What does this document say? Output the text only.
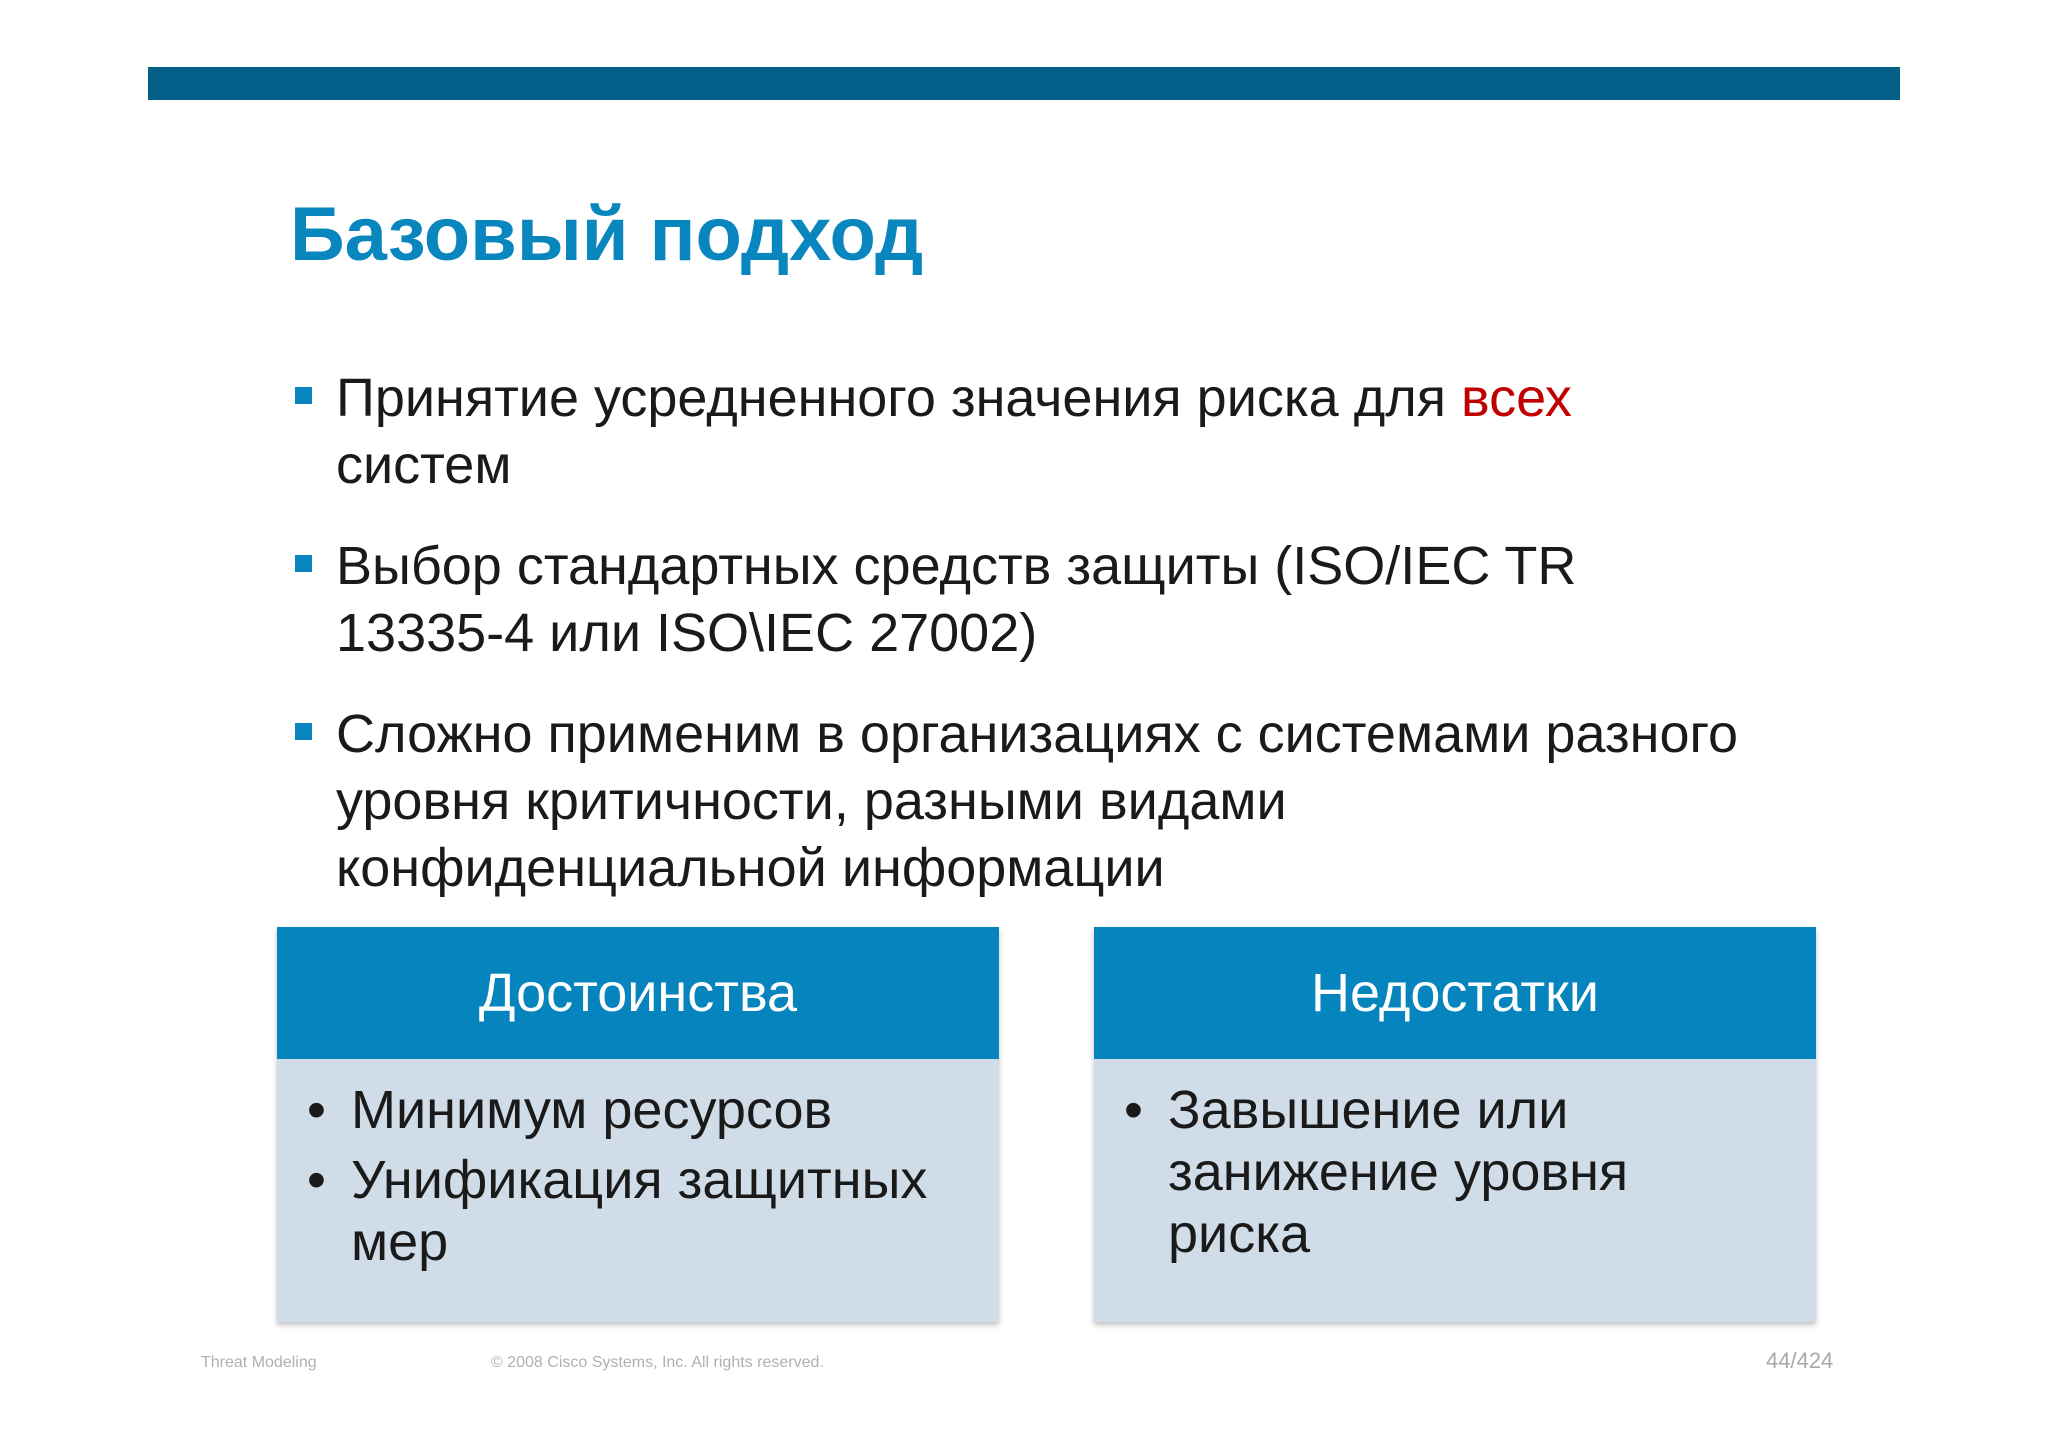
Базовый подход
Принятие усредненного значения риска для всех систем
Выбор стандартных средств защиты (ISO/IEC TR 13335-4 или ISO\IEC 27002)
Сложно применим в организациях с системами разного уровня критичности, разными видами конфиденциальной информации
Достоинства
• Минимум ресурсов
• Унификация защитных мер
Недостатки
• Завышение или занижение уровня риска
Threat Modeling	© 2008 Cisco Systems, Inc. All rights reserved.	44/424
